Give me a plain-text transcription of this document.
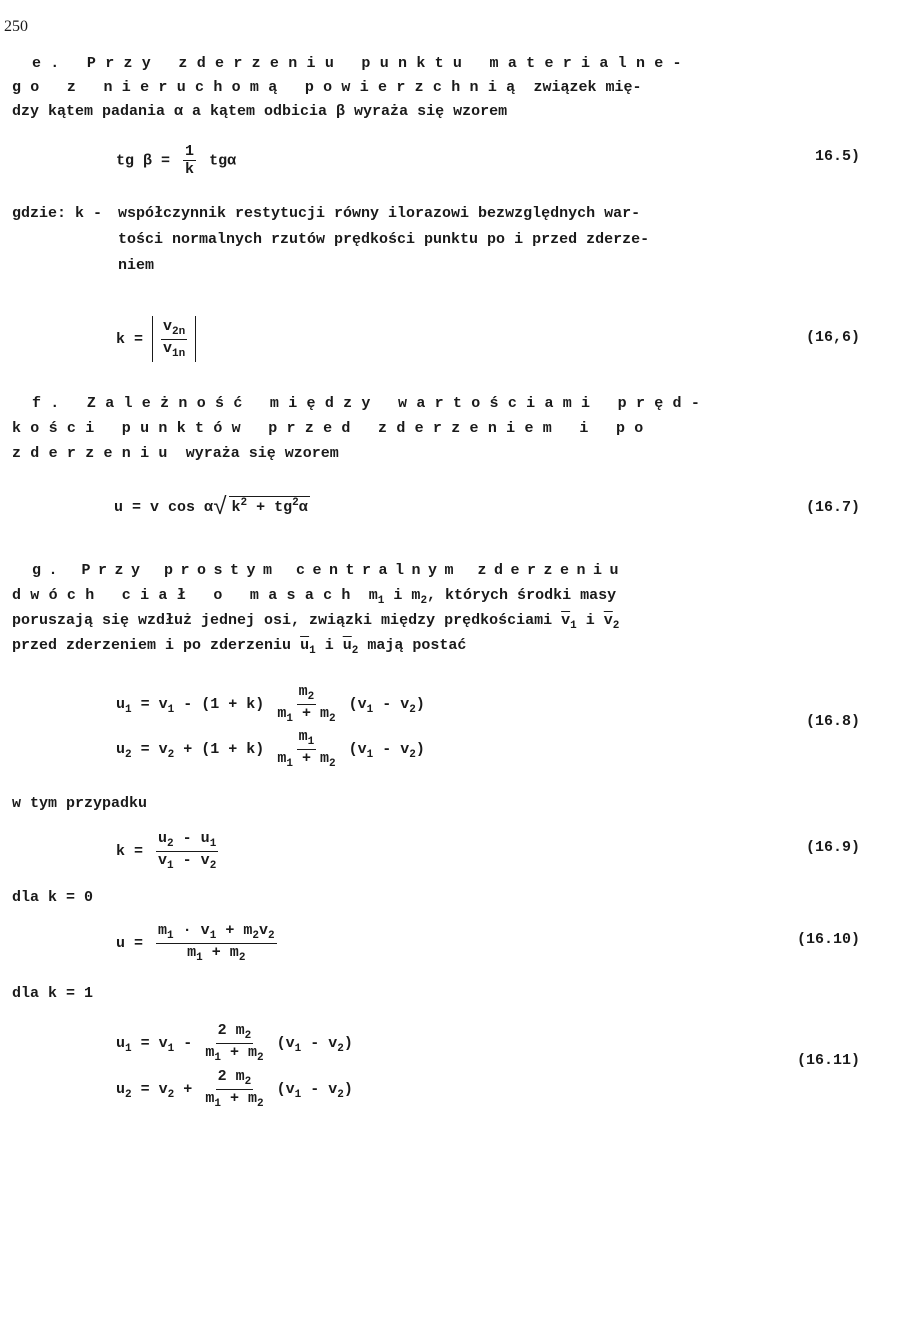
250
e. Przy zderzeniu punktu materialne-
go z nieruchomą powierzchnią związek mię-
dzy kątem padania α a kątem odbicia β wyraża się wzorem
tg $\beta = \frac{1}{k}$ tgα	16.5)
gdzie: k - współczynnik restytucji równy ilorazowi bezwzględnych war-
tości normalnych rzutów prędkości punktu po i przed zderze-
niem
$k = \frac{v_{2n}}{v_{1n}}$	(16,6)
f. Zależność między wartościami pręd-
kości punktów przed zderzeniem i po
zderzeniu wyraża się wzorem
u = v cos α√ $k^2 + tg^2\alpha$	(16.7)
g. Przy prostym centralnym zderzeniu
dwóch ciał o masach $m_1$ i $m_2$, których środki masy
poruszają się wzdłuż jednej osi, związki między prędkościami $\overline{v}_1$ i $\overline{v}_2$
przed zderzeniem i po zderzeniu $\overline{u}_1$ i $\overline{u}_2$ mają postać
$u_1 = v_1 - (1 + k) \frac{m_2}{m_1 + m_2} (v_1 - v_2)$
(16.8)
$u_2 = v_2 + (1 + k) \frac{m_1}{m_1 + m_2} (v_1 - v_2)$
w tym przypadku
$k = \frac{u_2 - u_1}{v_1 - v_2}$	(16.9)
dla k = 0
$u = \frac{m_1 \cdot v_1 + m_2v_2}{m_1 + m_2}$	(16.10)
dla k = 1
$u_1 = v_1 - \frac{2 m_2}{m_1 + m_2} (v_1 - v_2)$
(16.11)
$u_2 = v_2 + \frac{2 m_2}{m_1 + m_2} (v_1 - v_2)$
